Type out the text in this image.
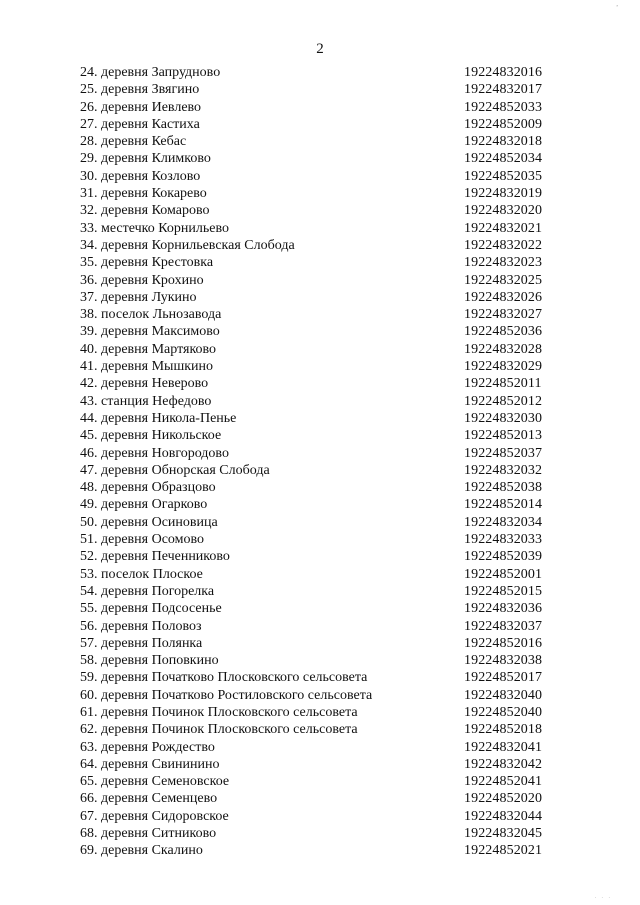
,
2
24. деревня Запрудново	19224832016
25. деревня Звягино	19224832017
26. деревня Иевлево	19224852033
27. деревня Кастиха	19224852009
28. деревня Кебас	19224832018
29. деревня Климково	19224852034
30. деревня Козлово	19224852035
31. деревня Кокарево	19224832019
32. деревня Комарово	19224832020
33. местечко Корнильево	19224832021
34. деревня Корнильевская Слобода	19224832022
35. деревня Крестовка	19224832023
36. деревня Крохино	19224832025
37. деревня Лукино	19224832026
38. поселок Льнозавода	19224832027
39. деревня Максимово	19224852036
40. деревня Мартяково	19224832028
41. деревня Мышкино	19224832029
42. деревня Неверово	19224852011
43. станция Нефедово	19224852012
44. деревня Никола-Пенье	19224832030
45. деревня Никольское	19224852013
46. деревня Новгородово	19224852037
47. деревня Обнорская Слобода	19224832032
48. деревня Образцово	19224852038
49. деревня Огарково	19224852014
50. деревня Осиновица	19224832034
51. деревня Осомово	19224832033
52. деревня Печенниково	19224852039
53. поселок Плоское	19224852001
54. деревня Погорелка	19224852015
55. деревня Подсосенье	19224832036
56. деревня Половоз	19224832037
57. деревня Полянка	19224852016
58. деревня Поповкино	19224832038
59. деревня Початково Плосковского сельсовета	19224852017
60. деревня Початково Ростиловского сельсовета	19224832040
61. деревня Починок Плосковского сельсовета	19224852040
62. деревня Починок Плосковского сельсовета	19224852018
63. деревня Рождество	19224832041
64. деревня Свининино	19224832042
65. деревня Семеновское	19224852041
66. деревня Семенцево	19224852020
67. деревня Сидоровское	19224832044
68. деревня Ситниково	19224832045
69. деревня Скалино	19224852021
· · ·
